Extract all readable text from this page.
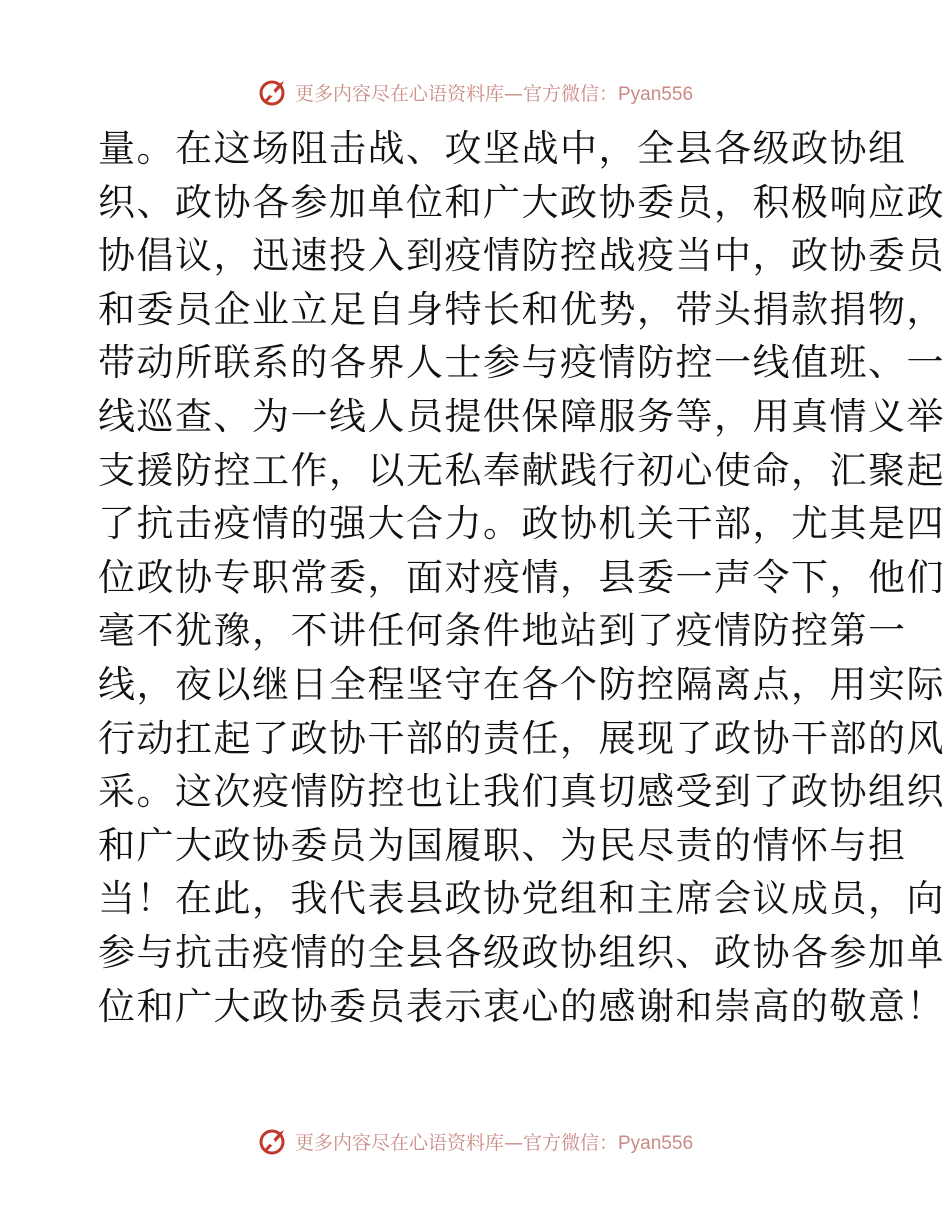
更多内容尽在心语资料库—官方微信：Pyan556
量。在这场阻击战、攻坚战中，全县各级政协组
织、政协各参加单位和广大政协委员，积极响应政
协倡议，迅速投入到疫情防控战疫当中，政协委员
和委员企业立足自身特长和优势，带头捐款捐物，
带动所联系的各界人士参与疫情防控一线值班、一
线巡查、为一线人员提供保障服务等，用真情义举
支援防控工作，以无私奉献践行初心使命，汇聚起
了抗击疫情的强大合力。政协机关干部，尤其是四
位政协专职常委，面对疫情，县委一声令下，他们
毫不犹豫，不讲任何条件地站到了疫情防控第一
线，夜以继日全程坚守在各个防控隔离点，用实际
行动扛起了政协干部的责任，展现了政协干部的风
采。这次疫情防控也让我们真切感受到了政协组织
和广大政协委员为国履职、为民尽责的情怀与担
当！在此，我代表县政协党组和主席会议成员，向
参与抗击疫情的全县各级政协组织、政协各参加单
位和广大政协委员表示衷心的感谢和崇高的敬意！
更多内容尽在心语资料库—官方微信：Pyan556
